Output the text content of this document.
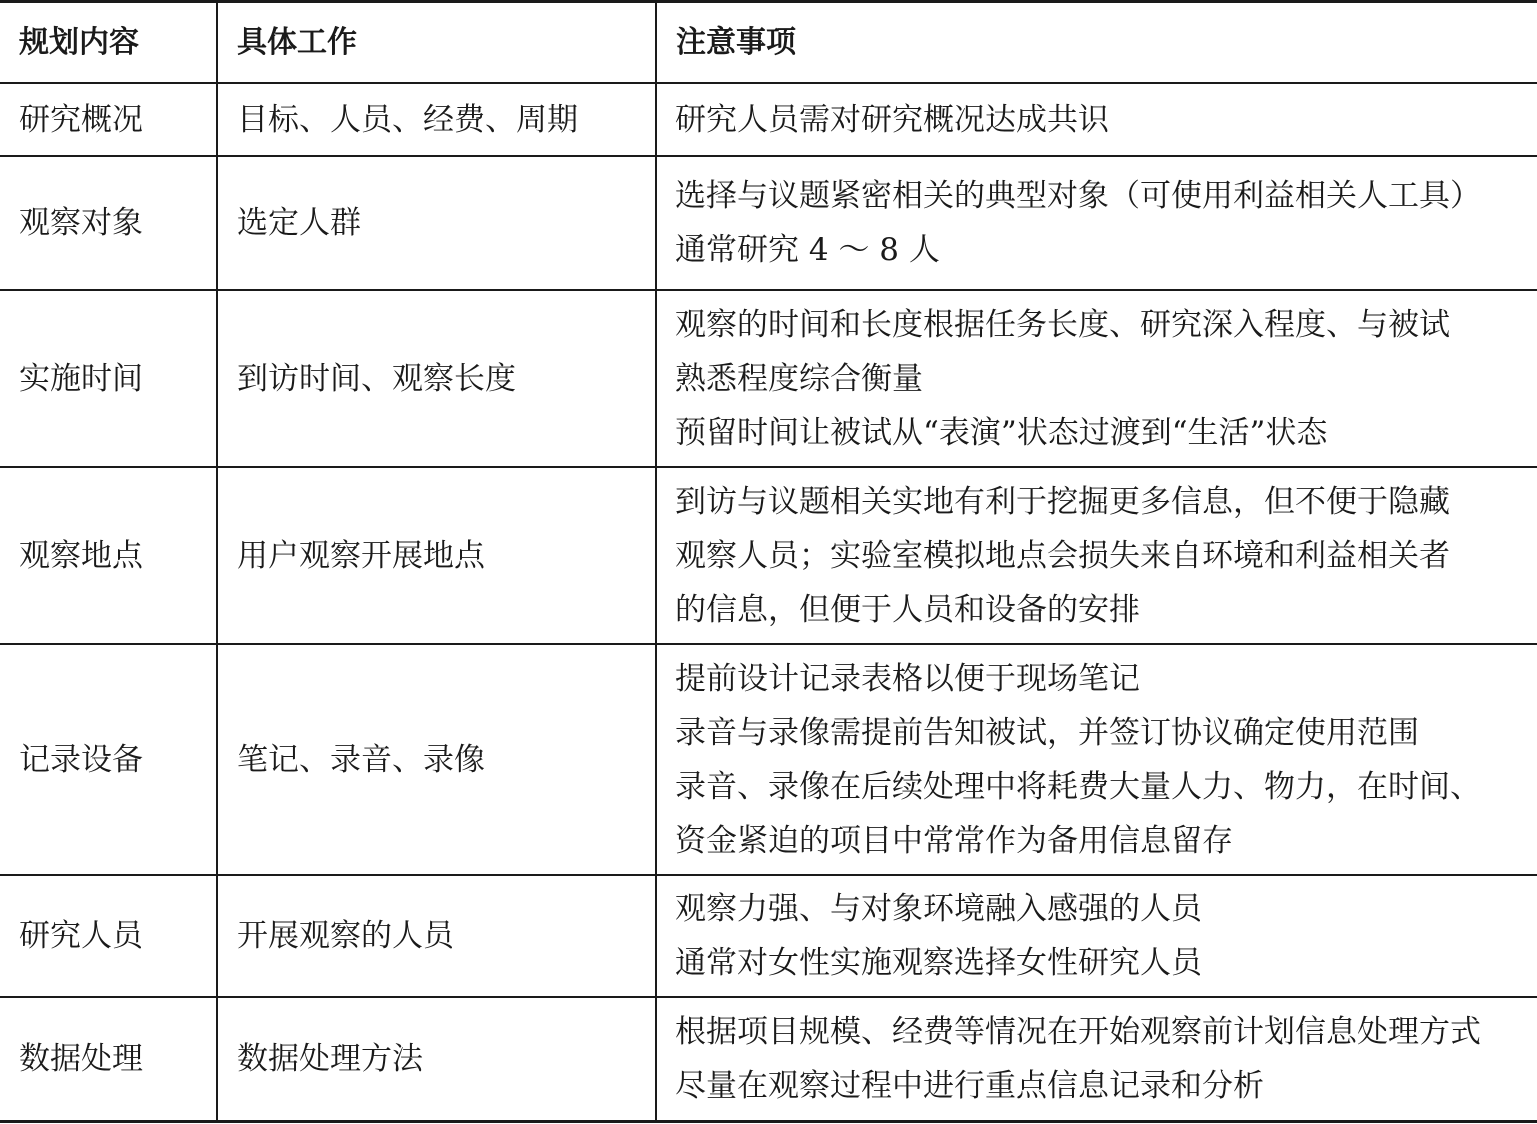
规划内容	具体工作	注意事项
研究概况	目标、人员、经费、周期	研究人员需对研究概况达成共识

观察对象	选定人群	选择与议题紧密相关的典型对象（可使用利益相关人工具）
通常研究 4 ～ 8 人

实施时间	到访时间、观察长度	观察的时间和长度根据任务长度、研究深入程度、与被试
熟悉程度综合衡量
预留时间让被试从“表演”状态过渡到“生活”状态

观察地点	用户观察开展地点	到访与议题相关实地有利于挖掘更多信息，但不便于隐藏
观察人员；实验室模拟地点会损失来自环境和利益相关者
的信息，但便于人员和设备的安排

记录设备	笔记、录音、录像	提前设计记录表格以便于现场笔记
录音与录像需提前告知被试，并签订协议确定使用范围
录音、录像在后续处理中将耗费大量人力、物力，在时间、
资金紧迫的项目中常常作为备用信息留存

研究人员	开展观察的人员	观察力强、与对象环境融入感强的人员
通常对女性实施观察选择女性研究人员

数据处理	数据处理方法	根据项目规模、经费等情况在开始观察前计划信息处理方式
尽量在观察过程中进行重点信息记录和分析
